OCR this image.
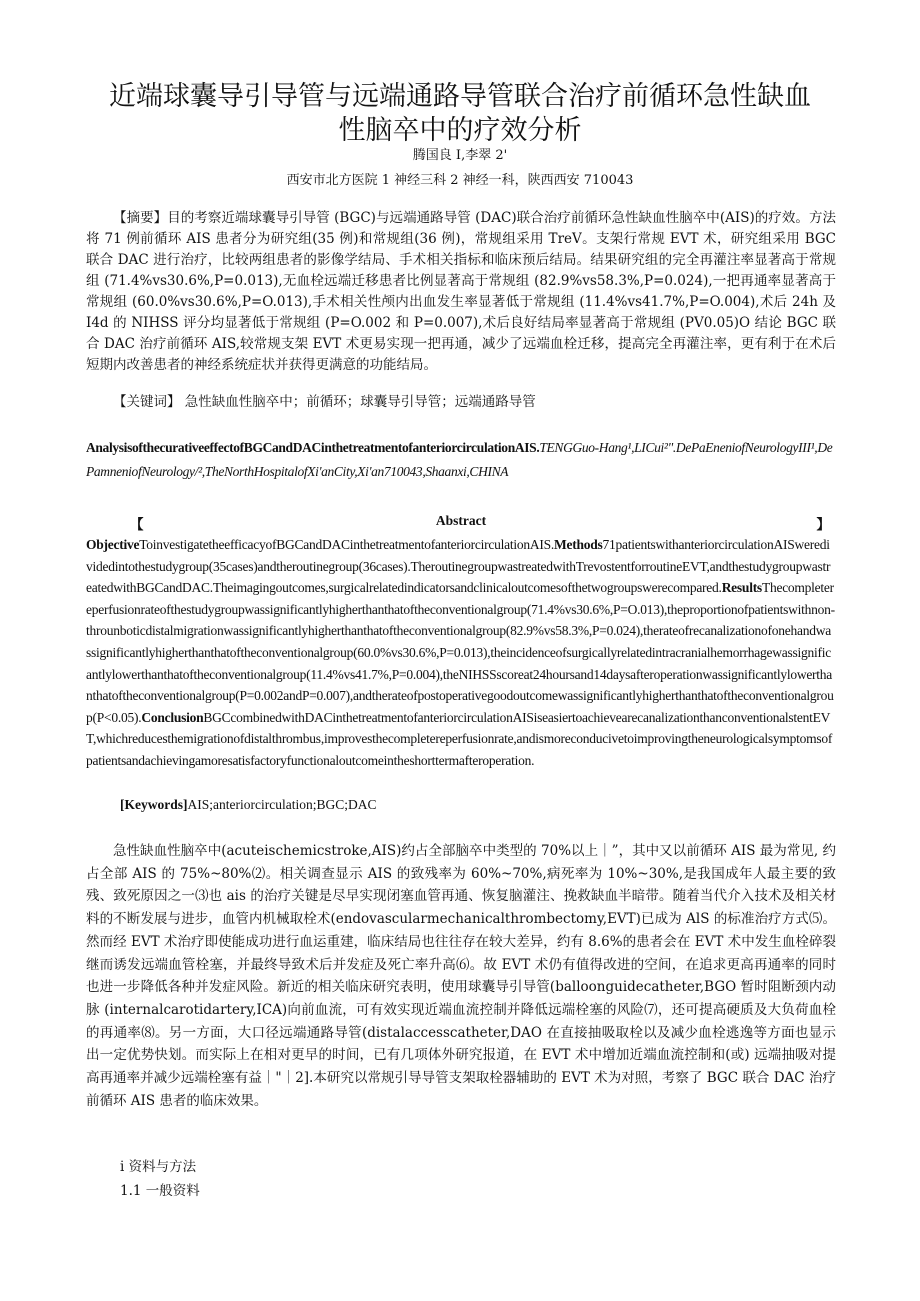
近端球囊导引导管与远端通路导管联合治疗前循环急性缺血
性脑卒中的疗效分析
腾国良 I,李翠 2'
西安市北方医院 1 神经三科 2 神经一科，陕西西安 710043

【摘要】目的考察近端球囊导引导管 (BGC)与远端通路导管 (DAC)联合治疗前循环急性缺血性脑卒中(AIS)的疗效。方法将 71 例前循环 AIS 患者分为研究组(35 例)和常规组(36 例)，常规组采用 TreV。支架行常规 EVT 术，研究组采用 BGC 联合 DAC 进行治疗，比较两组患者的影像学结局、手术相关指标和临床预后结局。结果研究组的完全再灌注率显著高于常规组 (71.4%vs30.6%,P=0.013),无血栓远端迁移患者比例显著高于常规组 (82.9%vs58.3%,P=0.024),一把再通率显著高于常规组 (60.0%vs30.6%,P=O.013),手术相关性颅内出血发生率显著低于常规组 (11.4%vs41.7%,P=O.004),术后 24h 及 I4d 的 NIHSS 评分均显著低于常规组 (P=O.002 和 P=0.007),术后良好结局率显著高于常规组 (PV0.05)O 结论 BGC 联合 DAC 治疗前循环 AIS,较常规支架 EVT 术更易实现一把再通，减少了远端血栓迁移，提高完全再灌注率，更有利于在术后短期内改善患者的神经系统症状并获得更满意的功能结局。

【关键词】 急性缺血性脑卒中；前循环；球囊导引导管；远端通路导管

AnalysisofthecurativeeffectofBGCandDACinthetreatmentofanteriorcirculationAIS.TENGGuo-Hang¹,LICui²".DePaEneniofNeurologyIII¹,DePamneniofNeurology/²,TheNorthHospitalofXi'anCity,Xi'an710043,Shaanxi,CHINA

【	Abstract	】

ObjectiveToinvestigatetheefficacyofBGCandDACinthetreatmentofanteriorcirculationAIS.Methods71patientswithanteriorcirculationAISweredividedintothestudygroup(35cases)andtheroutinegroup(36cases).TheroutinegroupwastreatedwithTrevostentforroutineEVT,andthestudygroupwastreatedwithBGCandDAC.Theimagingoutcomes,surgicalrelatedindicatorsandclinicaloutcomesofthetwogroupswerecompared.ResultsThecompletereperfusionrateofthestudygroupwassignificantlyhigherthanthatoftheconventionalgroup(71.4%vs30.6%,P=O.013),theproportionofpatientswithnon-throunboticdistalmigrationwassignificantlyhigherthanthatoftheconventionalgroup(82.9%vs58.3%,P=0.024),therateofrecanalizationofonehandwassignificantlyhigherthanthatoftheconventionalgroup(60.0%vs30.6%,P=0.013),theincidenceofsurgicallyrelatedintracranialhemorrhagewassignificantlylowerthanthatoftheconventionalgroup(11.4%vs41.7%,P=0.004),theNIHSSscoreat24hoursand14daysafteroperationwassignificantlylowerthanthatoftheconventionalgroup(P=0.002andP=0.007),andtherateofpostoperativegoodoutcomewassignificantlyhigherthanthatoftheconventionalgroup(P<0.05).ConclusionBGCcombinedwithDACinthetreatmentofanteriorcirculationAISiseasiertoachievearecanalizationthanconventionalstentEVT,whichreducesthemigrationofdistalthrombus,improvesthecompletereperfusionrate,andismoreconducivetoimprovingtheneurologicalsymptomsofpatientsandachievingamoresatisfactoryfunctionaloutcomeintheshorttermafteroperation.

[Keywords]AIS;anteriorcirculation;BGC;DAC

急性缺血性脑卒中(acuteischemicstroke,AIS)约占全部脑卒中类型的 70%以上｜”，其中又以前循环 AIS 最为常见, 约占全部 AIS 的 75%~80%⑵。相关调查显示 AIS 的致残率为 60%~70%,病死率为 10%~30%,是我国成年人最主要的致残、致死原因之一⑶也 ais 的治疗关键是尽早实现闭塞血管再通、恢复脑灌注、挽救缺血半暗带。随着当代介入技术及相关材料的不断发展与进步，血管内机械取栓术(endovascularmechanicalthrombectomy,EVT)已成为 AlS 的标准治疗方式⑸。然而经 EVT 术治疗即使能成功进行血运重建，临床结局也往往存在较大差异，约有 8.6%的患者会在 EVT 术中发生血栓碎裂继而诱发远端血管栓塞，并最终导致术后并发症及死亡率升高⑹。故 EVT 术仍有值得改进的空间，在追求更高再通率的同时也进一步降低各种并发症风险。新近的相关临床研究表明，使用球囊导引导管(balloonguidecatheter,BGO 暂时阻断颈内动脉 (internalcarotidartery,ICA)向前血流，可有效实现近端血流控制并降低远端栓塞的风险⑺，还可提高硬质及大负荷血栓的再通率⑻。另一方面，大口径远端通路导管(distalaccesscatheter,DAO 在直接抽吸取栓以及减少血栓逃逸等方面也显示出一定优势快划。而实际上在相对更早的时间，已有几项体外研究报道，在 EVT 术中增加近端血流控制和(或) 远端抽吸对提高再通率并减少远端栓塞有益｜"｜2].本研究以常规引导导管支架取栓器辅助的 EVT 术为对照，考察了 BGC 联合 DAC 治疗前循环 AIS 患者的临床效果。

i 资料与方法
1.1 一般资料
